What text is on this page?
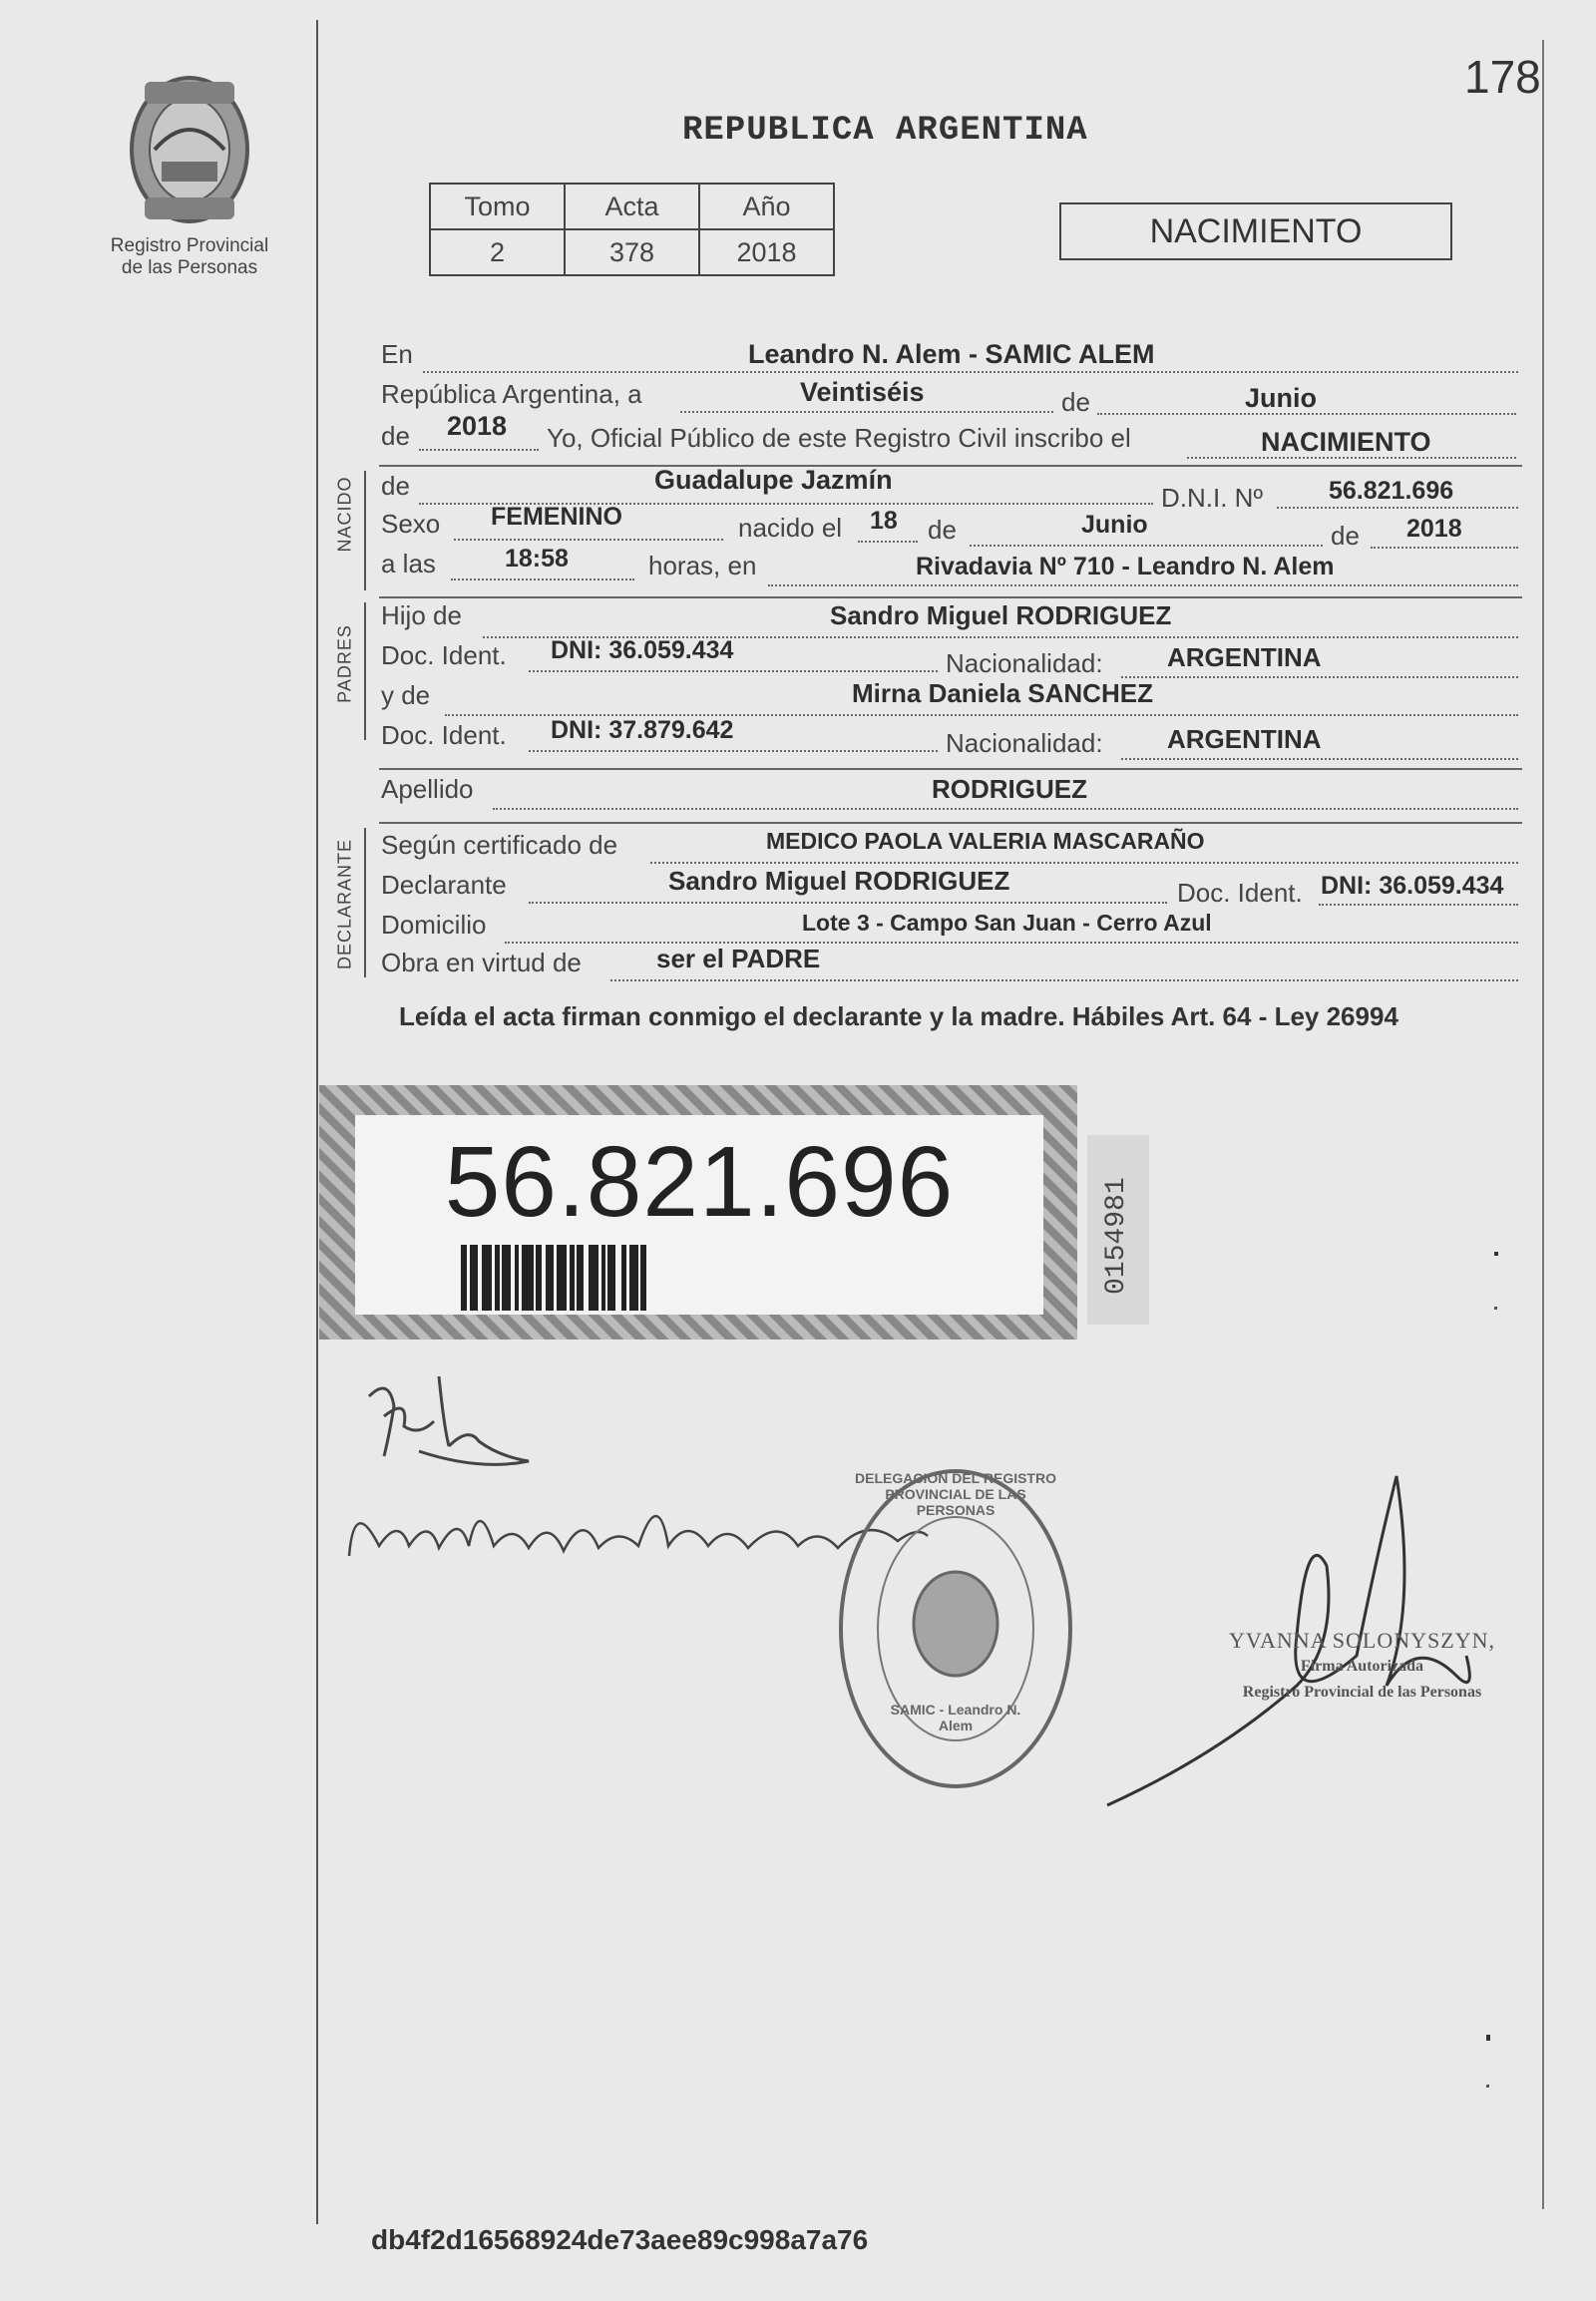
178
Registro Provincial
de las Personas
REPUBLICA ARGENTINA
Tomo	Acta	Año
2	378	2018
NACIMIENTO
En	Leandro N. Alem - SAMIC ALEM
República Argentina, a	Veintiséis	de	Junio
de 2018 Yo, Oficial Público de este Registro Civil inscribo el	NACIMIENTO
NACIDO de	Guadalupe Jazmín
D.N.I. Nº	56.821.696
Sexo FEMENINO	nacido el 18 de	Junio	de 2018
a las	18:58	horas, en	Rivadavia Nº 710 - Leandro N. Alem
PADRES
Hijo de	Sandro Miguel RODRIGUEZ
Doc. Ident. DNI: 36.059.434	Nacionalidad: ARGENTINA
y de	Mirna Daniela SANCHEZ
Doc. Ident. DNI: 37.879.642	Nacionalidad: ARGENTINA
Apellido	RODRIGUEZ
DECLARANTE Según certificado de	MEDICO PAOLA VALERIA MASCARAÑO
Declarante	Sandro Miguel RODRIGUEZ	Doc. Ident. DNI: 36.059.434
Domicilio	Lote 3 - Campo San Juan - Cerro Azul
Obra en virtud de	ser el PADRE
Leída el acta firman conmigo el declarante y la madre. Hábiles Art. 64 - Ley 26994
56.821.696	0154981
DELEGACION DEL REGISTRO PROVINCIAL DE LAS PERSONAS
SAMIC - Leandro N. Alem
YVANNA SOLONYSZYN,
Firma Autorizada
Registro Provincial de las Personas
db4f2d16568924de73aee89c998a7a76
